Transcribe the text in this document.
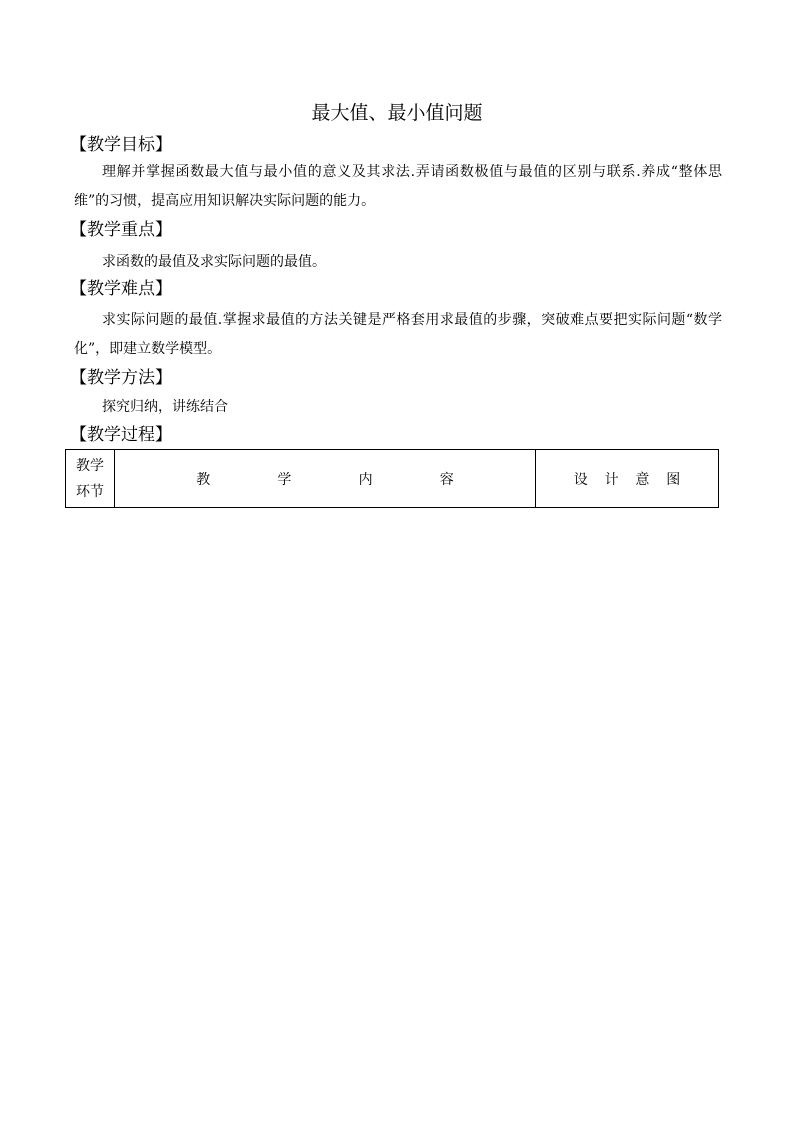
最大值、最小值问题
【教学目标】
理解并掌握函数最大值与最小值的意义及其求法.弄请函数极值与最值的区别与联系.养成“整体思维”的习惯，提高应用知识解决实际问题的能力。
【教学重点】
求函数的最值及求实际问题的最值。
【教学难点】
求实际问题的最值.掌握求最值的方法关键是严格套用求最值的步骤，突破难点要把实际问题“数学化”，即建立数学模型。
【教学方法】
探究归纳，讲练结合
【教学过程】
教学
环节
	教学内容	设计意图
